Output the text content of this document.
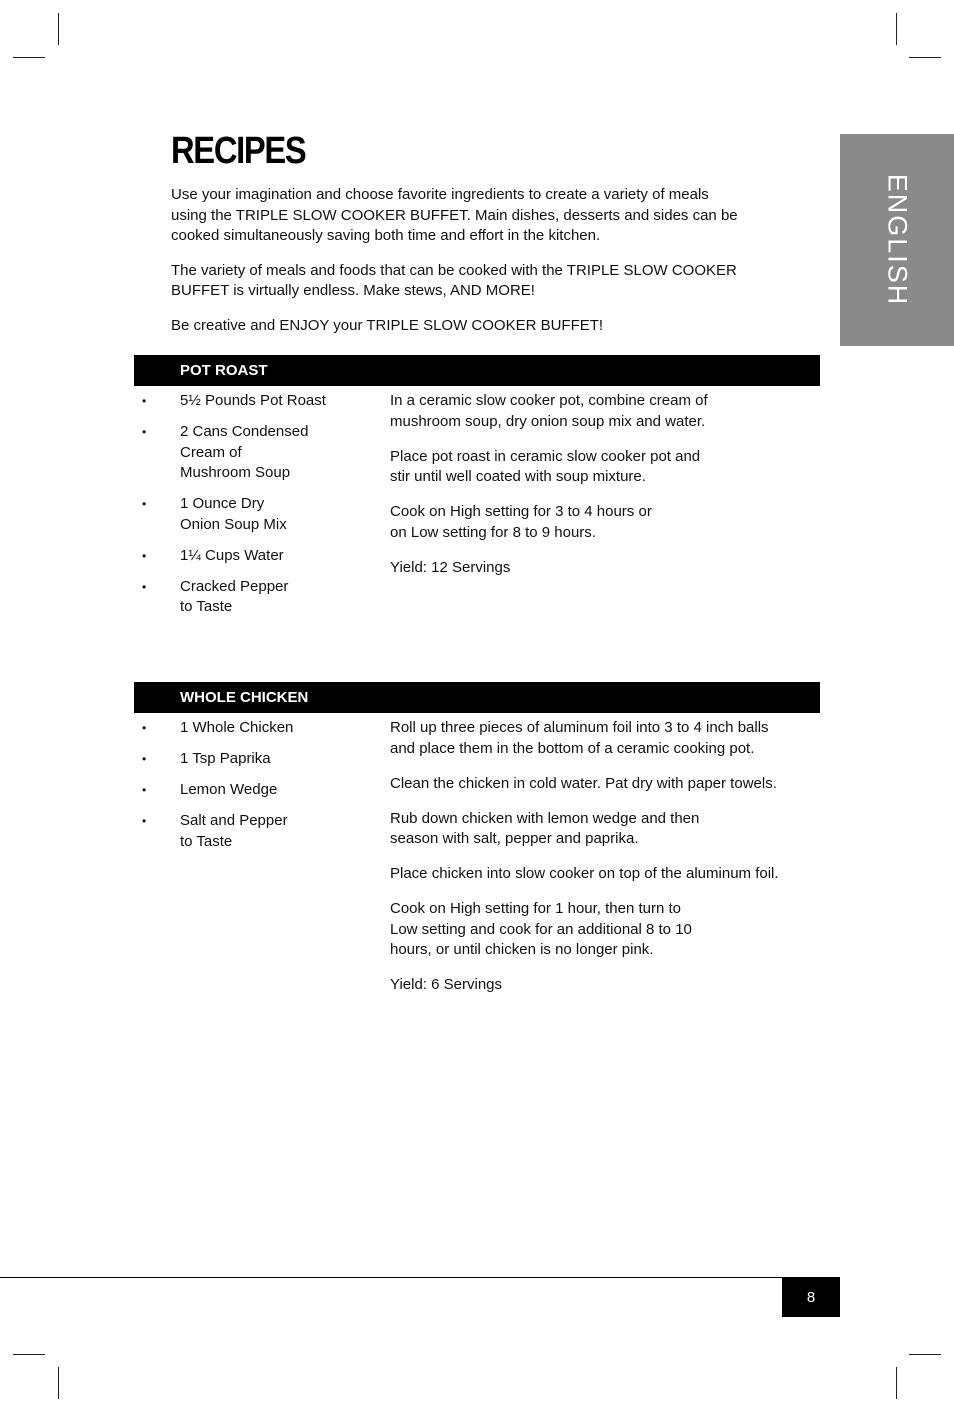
RECIPES
ENGLISH

Use your imagination and choose favorite ingredients to create a variety of meals using the TRIPLE SLOW COOKER BUFFET. Main dishes, desserts and sides can be cooked simultaneously saving both time and effort in the kitchen.

The variety of meals and foods that can be cooked with the TRIPLE SLOW COOKER BUFFET is virtually endless. Make stews, AND MORE!

Be creative and ENJOY your TRIPLE SLOW COOKER BUFFET!

POT ROAST
• 5½ Pounds Pot Roast
• 2 Cans Condensed
Cream of
Mushroom Soup
• 1 Ounce Dry
Onion Soup Mix
• 1¼ Cups Water
• Cracked Pepper
to Taste

In a ceramic slow cooker pot, combine cream of
mushroom soup, dry onion soup mix and water.

Place pot roast in ceramic slow cooker pot and
stir until well coated with soup mixture.

Cook on High setting for 3 to 4 hours or
on Low setting for 8 to 9 hours.

Yield: 12 Servings

WHOLE CHICKEN
• 1 Whole Chicken
• 1 Tsp Paprika
• Lemon Wedge
• Salt and Pepper
to Taste

Roll up three pieces of aluminum foil into 3 to 4 inch balls
and place them in the bottom of a ceramic cooking pot.

Clean the chicken in cold water. Pat dry with paper towels.

Rub down chicken with lemon wedge and then
season with salt, pepper and paprika.

Place chicken into slow cooker on top of the aluminum foil.

Cook on High setting for 1 hour, then turn to
Low setting and cook for an additional 8 to 10
hours, or until chicken is no longer pink.

Yield: 6 Servings

8
